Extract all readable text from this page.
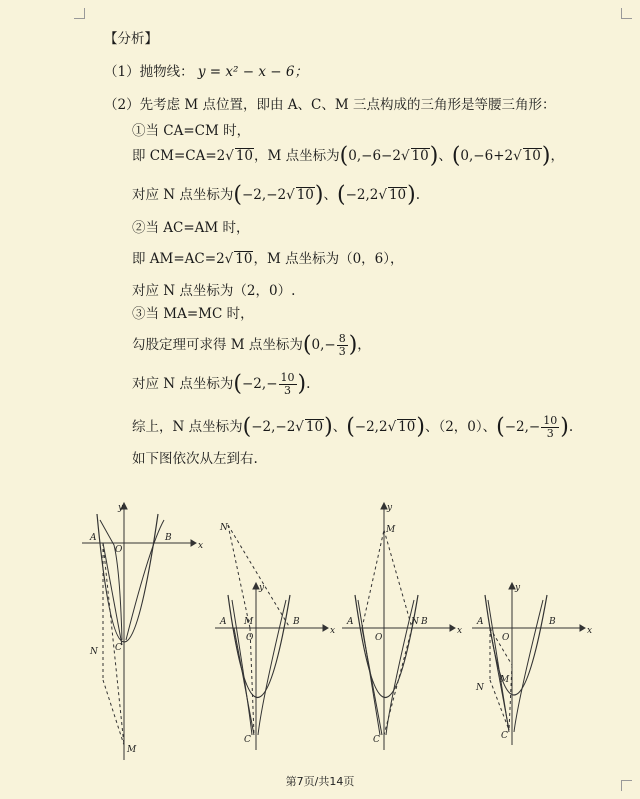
【分析】
（1）抛物线： y = x² − x − 6；
（2）先考虑 M 点位置，即由 A、C、M 三点构成的三角形是等腰三角形：
①当 CA=CM 时，
即 CM=CA=2√ 10，M 点坐标为(0,−6−2√ 10)、(0,−6+2√ 10)，
对应 N 点坐标为(−2,−2√ 10)、(−2,2√ 10).
②当 AC=AM 时，
即 AM=AC=2√ 10，M 点坐标为（0，6），
对应 N 点坐标为（2，0）.
③当 MA=MC 时，
勾股定理可求得 M 点坐标为($0,- \frac{8}{3}$ )，
对应 N 点坐标为($-2,- \frac{10}{3}$ ).
综上，N 点坐标为(−2,−2√ 10)、(−2,2√ 10)、（2，0）、($-2,- \frac{10}{3}$ ).
如下图依次从左到右.
A	B
O
C
N
M
x
y
A	B
M
O
C
N
x
y
A	B
N
O
C
M
x
y
A	B
O
C
M
N
x
y
第7页/共14页
